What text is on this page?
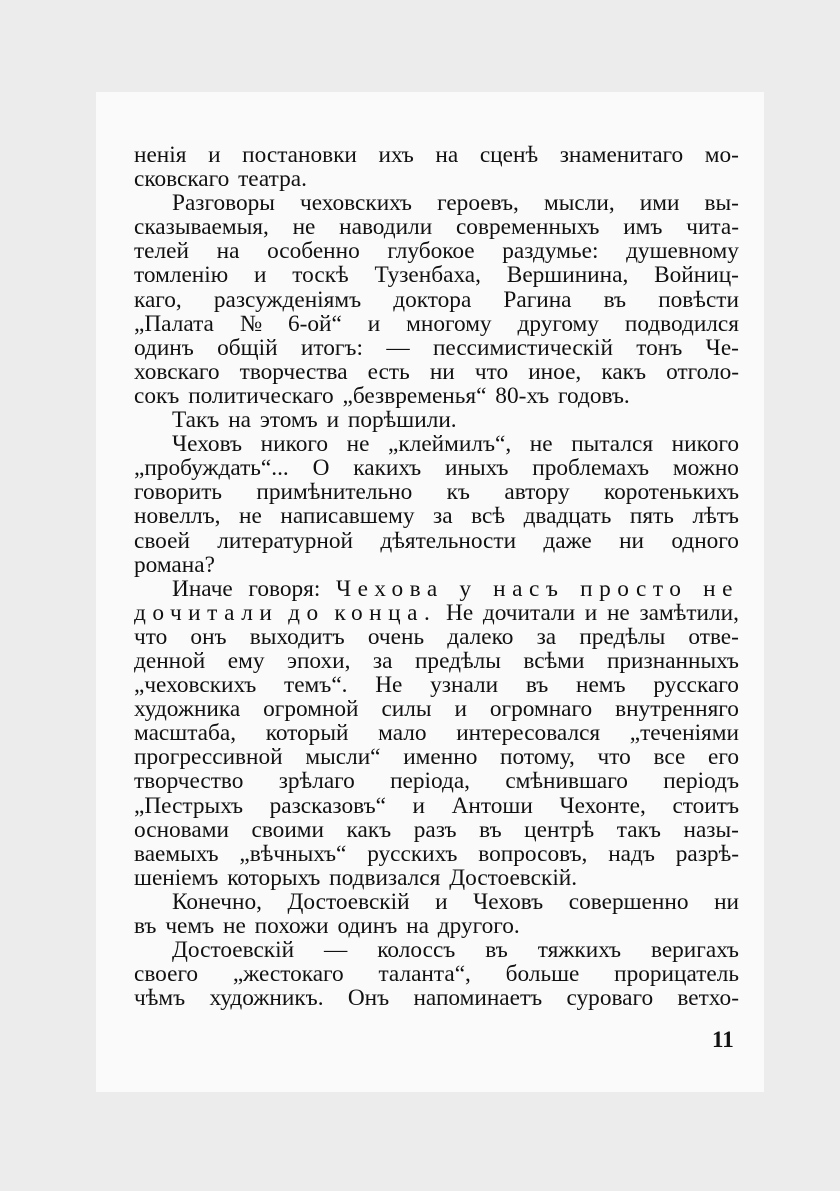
ненія и постановки ихъ на сценѣ знаменитаго мо-
сковскаго театра.
Разговоры чеховскихъ героевъ, мысли, ими вы-
сказываемыя, не наводили современныхъ имъ чита-
телей на особенно глубокое раздумье: душевному
томленію и тоскѣ Тузенбаха, Вершинина, Войниц-
каго, разсужденіямъ доктора Рагина въ повѣсти
„Палата № 6-ой“ и многому другому подводился
одинъ общій итогъ: — пессимистическій тонъ Че-
ховскаго творчества есть ни что иное, какъ отголо-
сокъ политическаго „безвременья“ 80-хъ годовъ.
Такъ на этомъ и порѣшили.
Чеховъ никого не „клеймилъ“, не пытался никого
„пробуждать“... О какихъ иныхъ проблемахъ можно
говорить примѣнительно къ автору коротенькихъ
новеллъ, не написавшему за всѣ двадцать пять лѣтъ
своей литературной дѣятельности даже ни одного
романа?
Иначе говоря: Чехова у насъ просто не
дочитали до конца. Не дочитали и не замѣтили,
что онъ выходитъ очень далеко за предѣлы отве-
денной ему эпохи, за предѣлы всѣми признанныхъ
„чеховскихъ темъ“. Не узнали въ немъ русскаго
художника огромной силы и огромнаго внутренняго
масштаба, который мало интересовался „теченіями
прогрессивной мысли“ именно потому, что все его
творчество зрѣлаго періода, смѣнившаго періодъ
„Пестрыхъ разсказовъ“ и Антоши Чехонте, стоитъ
основами своими какъ разъ въ центрѣ такъ назы-
ваемыхъ „вѣчныхъ“ русскихъ вопросовъ, надъ разрѣ-
шеніемъ которыхъ подвизался Достоевскій.
Конечно, Достоевскій и Чеховъ совершенно ни
въ чемъ не похожи одинъ на другого.
Достоевскій — колоссъ въ тяжкихъ веригахъ
своего „жестокаго таланта“, больше прорицатель
чѣмъ художникъ. Онъ напоминаетъ суроваго ветхо-
11
